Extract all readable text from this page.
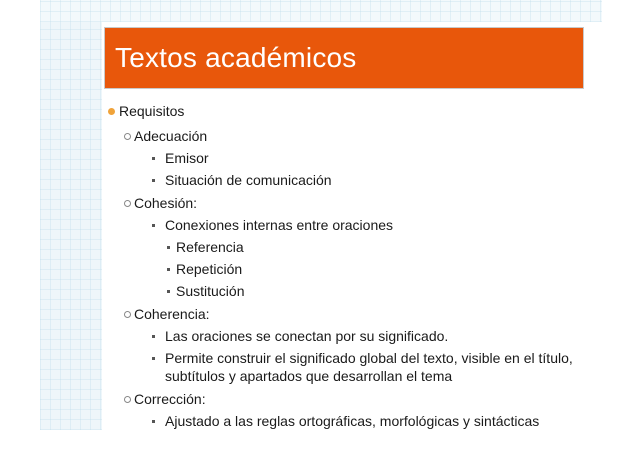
Textos académicos
Requisitos
Adecuación
Emisor
Situación de comunicación
Cohesión:
Conexiones internas entre oraciones
Referencia
Repetición
Sustitución
Coherencia:
Las oraciones se conectan por su significado.
Permite construir el significado global del texto, visible en el título,
subtítulos y apartados que desarrollan el tema
Corrección:
Ajustado a las reglas ortográficas, morfológicas y sintácticas
